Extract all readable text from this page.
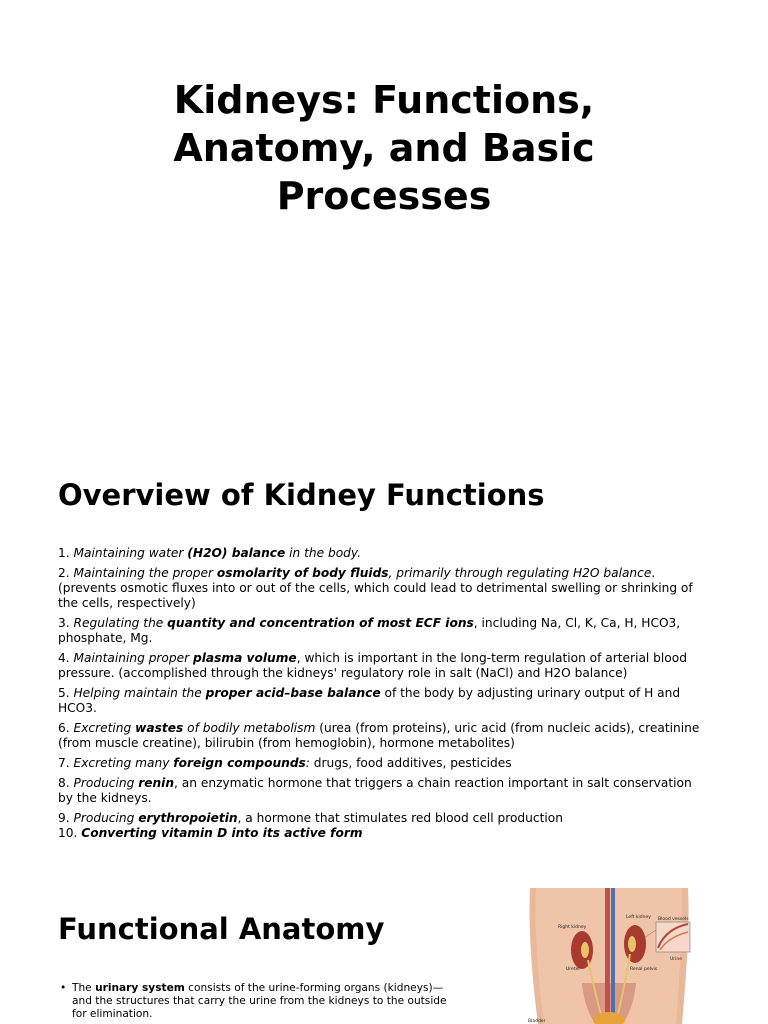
Kidneys: Functions,
Anatomy, and Basic
Processes
Overview of Kidney Functions
1. Maintaining water (H2O) balance in the body.
2. Maintaining the proper osmolarity of body fluids, primarily through regulating H2O balance. (prevents osmotic fluxes into or out of the cells, which could lead to detrimental swelling or shrinking of the cells, respectively)
3. Regulating the quantity and concentration of most ECF ions, including Na, Cl, K, Ca, H, HCO3, phosphate, Mg.
4. Maintaining proper plasma volume, which is important in the long-term regulation of arterial blood pressure. (accomplished through the kidneys' regulatory role in salt (NaCl) and H2O balance)
5. Helping maintain the proper acid–base balance of the body by adjusting urinary output of H and HCO3.
6. Excreting wastes of bodily metabolism (urea (from proteins), uric acid (from nucleic acids), creatinine (from muscle creatine), bilirubin (from hemoglobin), hormone metabolites)
7. Excreting many foreign compounds: drugs, food additives, pesticides
8. Producing renin, an enzymatic hormone that triggers a chain reaction important in salt conservation by the kidneys.
9. Producing erythropoietin, a hormone that stimulates red blood cell production
10. Converting vitamin D into its active form
Functional Anatomy
• The urinary system consists of the urine-forming organs (kidneys)—and the structures that carry the urine from the kidneys to the outside for elimination.
Right kidney
Left kidney Blood vessels
Urine
Ureter	Renal pelvis
Bladder
